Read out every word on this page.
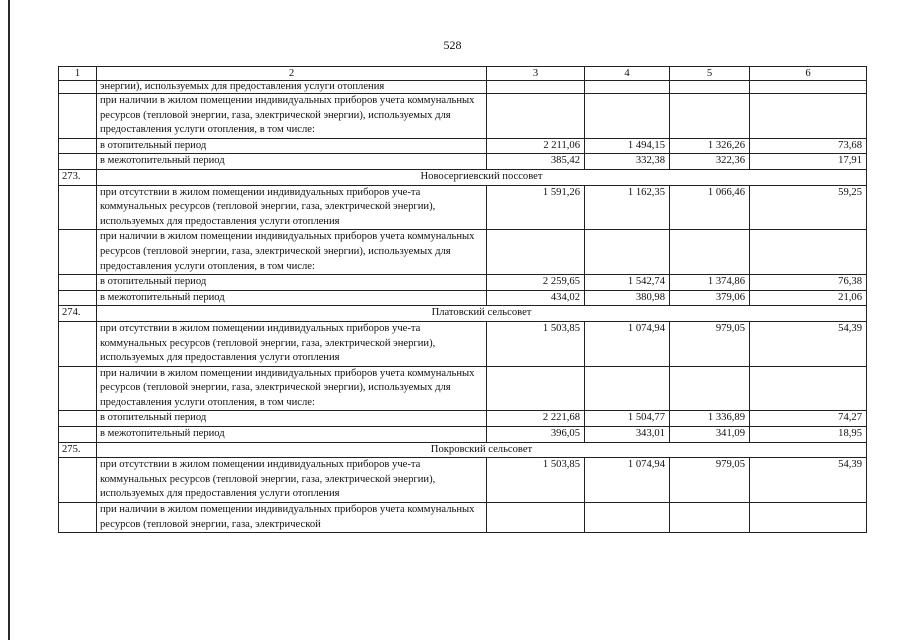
528
1	2	3	4	5	6
	энергии), используемых для предоставления услуги отопления				
	при наличии в жилом помещении индивидуальных приборов учета коммунальных ресурсов (тепловой энергии, газа, электрической энергии), используемых для предоставления услуги отопления, в том числе:				
	в отопительный период	2 211,06	1 494,15	1 326,26	73,68
	в межотопительный период	385,42	332,38	322,36	17,91
273.	Новосергиевский поссовет				
	при отсутствии в жилом помещении индивидуальных приборов уче-та коммунальных ресурсов (тепловой энергии, газа, электрической энергии), используемых для предоставления услуги отопления	1 591,26	1 162,35	1 066,46	59,25
	при наличии в жилом помещении индивидуальных приборов учета коммунальных ресурсов (тепловой энергии, газа, электрической энергии), используемых для предоставления услуги отопления, в том числе:				
	в отопительный период	2 259,65	1 542,74	1 374,86	76,38
	в межотопительный период	434,02	380,98	379,06	21,06
274.	Платовский сельсовет				
	при отсутствии в жилом помещении индивидуальных приборов уче-та коммунальных ресурсов (тепловой энергии, газа, электрической энергии), используемых для предоставления услуги отопления	1 503,85	1 074,94	979,05	54,39
	при наличии в жилом помещении индивидуальных приборов учета коммунальных ресурсов (тепловой энергии, газа, электрической энергии), используемых для предоставления услуги отопления, в том числе:				
	в отопительный период	2 221,68	1 504,77	1 336,89	74,27
	в межотопительный период	396,05	343,01	341,09	18,95
275.	Покровский сельсовет				
	при отсутствии в жилом помещении индивидуальных приборов уче-та коммунальных ресурсов (тепловой энергии, газа, электрической энергии), используемых для предоставления услуги отопления	1 503,85	1 074,94	979,05	54,39
	при наличии в жилом помещении индивидуальных приборов учета коммунальных ресурсов (тепловой энергии, газа, электрической				
